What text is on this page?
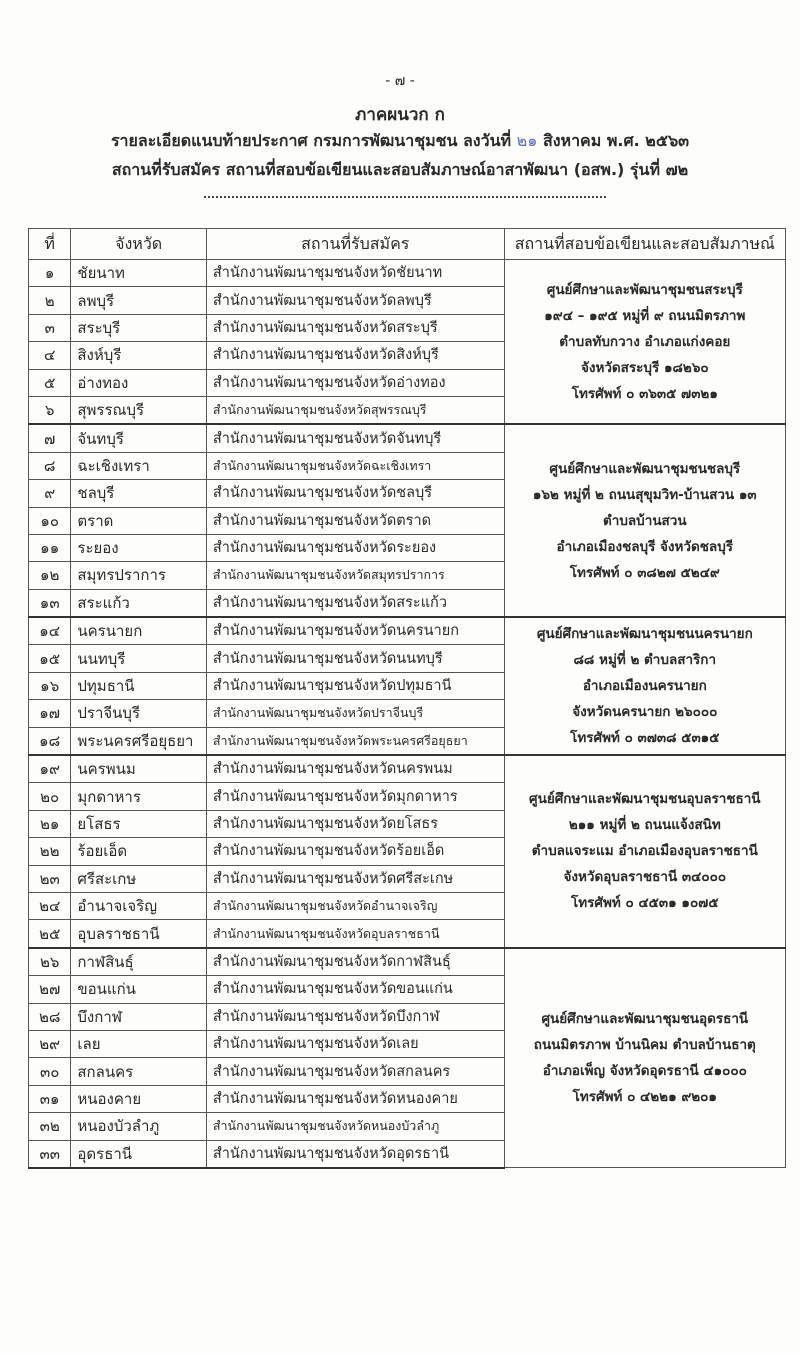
- ๗ -
ภาคผนวก ก
รายละเอียดแนบท้ายประกาศ กรมการพัฒนาชุมชน ลงวันที่ ๒๑ สิงหาคม พ.ศ. ๒๕๖๓
สถานที่รับสมัคร สถานที่สอบข้อเขียนและสอบสัมภาษณ์อาสาพัฒนา (อสพ.) รุ่นที่ ๗๒
ที่	จังหวัด	สถานที่รับสมัคร	สถานที่สอบข้อเขียนและสอบสัมภาษณ์
๑	ชัยนาท	สำนักงานพัฒนาชุมชนจังหวัดชัยนาท	ศูนย์ศึกษาและพัฒนาชุมชนสระบุรี
๑๙๔ – ๑๙๕ หมู่ที่ ๙ ถนนมิตรภาพ
ตำบลทับกวาง อำเภอแก่งคอย
จังหวัดสระบุรี ๑๘๒๖๐
โทรศัพท์ ๐ ๓๖๓๕ ๗๓๒๑

๒	ลพบุรี	สำนักงานพัฒนาชุมชนจังหวัดลพบุรี	
๓	สระบุรี	สำนักงานพัฒนาชุมชนจังหวัดสระบุรี	
๔	สิงห์บุรี	สำนักงานพัฒนาชุมชนจังหวัดสิงห์บุรี	
๕	อ่างทอง	สำนักงานพัฒนาชุมชนจังหวัดอ่างทอง	
๖	สุพรรณบุรี	สำนักงานพัฒนาชุมชนจังหวัดสุพรรณบุรี	
๗	จันทบุรี	สำนักงานพัฒนาชุมชนจังหวัดจันทบุรี	ศูนย์ศึกษาและพัฒนาชุมชนชลบุรี
๑๖๒ หมู่ที่ ๒ ถนนสุขุมวิท-บ้านสวน ๑๓
ตำบลบ้านสวน
อำเภอเมืองชลบุรี จังหวัดชลบุรี
โทรศัพท์ ๐ ๓๘๒๗ ๕๒๔๙

๘	ฉะเชิงเทรา	สำนักงานพัฒนาชุมชนจังหวัดฉะเชิงเทรา	
๙	ชลบุรี	สำนักงานพัฒนาชุมชนจังหวัดชลบุรี	
๑๐	ตราด	สำนักงานพัฒนาชุมชนจังหวัดตราด	
๑๑	ระยอง	สำนักงานพัฒนาชุมชนจังหวัดระยอง	
๑๒	สมุทรปราการ	สำนักงานพัฒนาชุมชนจังหวัดสมุทรปราการ	
๑๓	สระแก้ว	สำนักงานพัฒนาชุมชนจังหวัดสระแก้ว	
๑๔	นครนายก	สำนักงานพัฒนาชุมชนจังหวัดนครนายก	ศูนย์ศึกษาและพัฒนาชุมชนนครนายก
๘๘ หมู่ที่ ๒ ตำบลสาริกา
อำเภอเมืองนครนายก
จังหวัดนครนายก ๒๖๐๐๐
โทรศัพท์ ๐ ๓๗๓๘ ๕๓๑๕

๑๕	นนทบุรี	สำนักงานพัฒนาชุมชนจังหวัดนนทบุรี	
๑๖	ปทุมธานี	สำนักงานพัฒนาชุมชนจังหวัดปทุมธานี	
๑๗	ปราจีนบุรี	สำนักงานพัฒนาชุมชนจังหวัดปราจีนบุรี	
๑๘	พระนครศรีอยุธยา	สำนักงานพัฒนาชุมชนจังหวัดพระนครศรีอยุธยา	
๑๙	นครพนม	สำนักงานพัฒนาชุมชนจังหวัดนครพนม	ศูนย์ศึกษาและพัฒนาชุมชนอุบลราชธานี
๒๑๑ หมู่ที่ ๒ ถนนแจ้งสนิท
ตำบลแจระแม อำเภอเมืองอุบลราชธานี
จังหวัดอุบลราชธานี ๓๔๐๐๐
โทรศัพท์ ๐ ๔๕๓๑ ๑๐๗๕

๒๐	มุกดาหาร	สำนักงานพัฒนาชุมชนจังหวัดมุกดาหาร	
๒๑	ยโสธร	สำนักงานพัฒนาชุมชนจังหวัดยโสธร	
๒๒	ร้อยเอ็ด	สำนักงานพัฒนาชุมชนจังหวัดร้อยเอ็ด	
๒๓	ศรีสะเกษ	สำนักงานพัฒนาชุมชนจังหวัดศรีสะเกษ	
๒๔	อำนาจเจริญ	สำนักงานพัฒนาชุมชนจังหวัดอำนาจเจริญ	
๒๕	อุบลราชธานี	สำนักงานพัฒนาชุมชนจังหวัดอุบลราชธานี	
๒๖	กาฬสินธุ์	สำนักงานพัฒนาชุมชนจังหวัดกาฬสินธุ์	ศูนย์ศึกษาและพัฒนาชุมชนอุดรธานี
ถนนมิตรภาพ บ้านนิคม ตำบลบ้านธาตุ
อำเภอเพ็ญ จังหวัดอุดรธานี ๔๑๐๐๐
โทรศัพท์ ๐ ๔๒๒๑ ๙๒๐๑

๒๗	ขอนแก่น	สำนักงานพัฒนาชุมชนจังหวัดขอนแก่น	
๒๘	บึงกาฬ	สำนักงานพัฒนาชุมชนจังหวัดบึงกาฬ	
๒๙	เลย	สำนักงานพัฒนาชุมชนจังหวัดเลย	
๓๐	สกลนคร	สำนักงานพัฒนาชุมชนจังหวัดสกลนคร	
๓๑	หนองคาย	สำนักงานพัฒนาชุมชนจังหวัดหนองคาย	
๓๒	หนองบัวลำภู	สำนักงานพัฒนาชุมชนจังหวัดหนองบัวลำภู	
๓๓	อุดรธานี	สำนักงานพัฒนาชุมชนจังหวัดอุดรธานี	
